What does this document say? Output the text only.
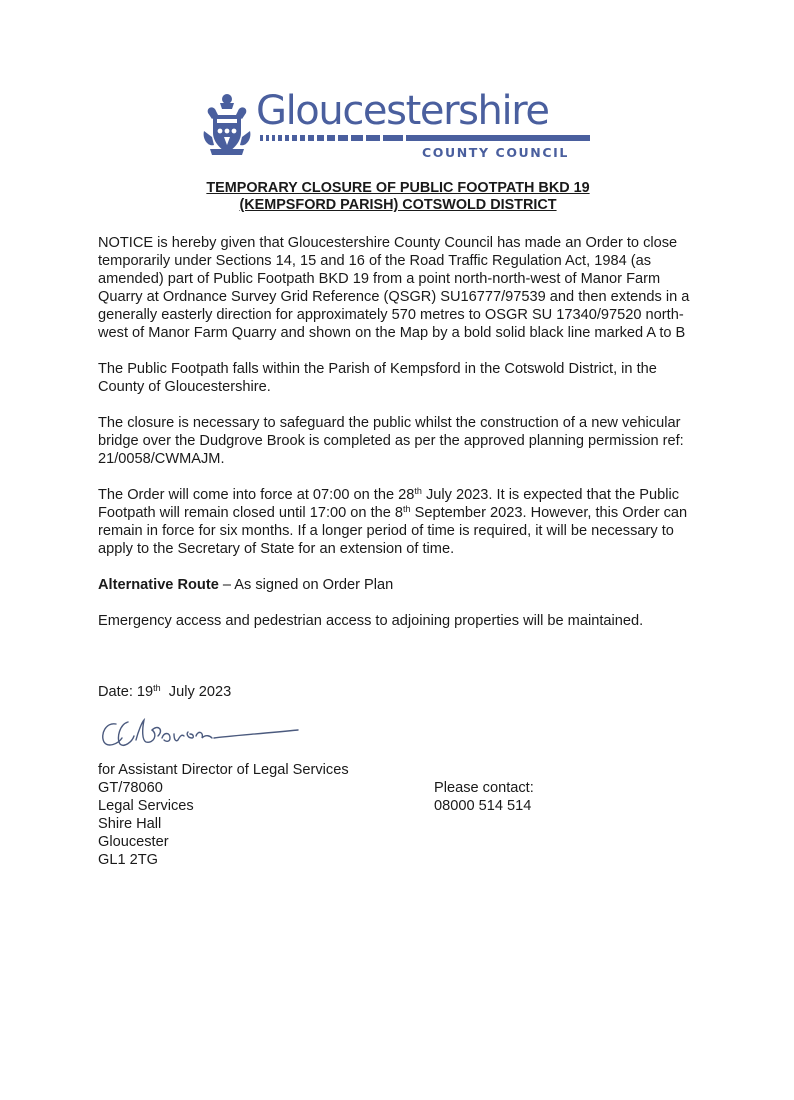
Gloucestershire
COUNTY COUNCIL
TEMPORARY CLOSURE OF PUBLIC FOOTPATH BKD 19
(KEMPSFORD PARISH) COTSWOLD DISTRICT

NOTICE is hereby given that Gloucestershire County Council has made an Order to close temporarily under Sections 14, 15 and 16 of the Road Traffic Regulation Act, 1984 (as amended) part of Public Footpath BKD 19 from a point north-north-west of Manor Farm Quarry at Ordnance Survey Grid Reference (QSGR) SU16777/97539 and then extends in a generally easterly direction for approximately 570 metres to OSGR SU 17340/97520 north-west of Manor Farm Quarry and shown on the Map by a bold solid black line marked A to B

The Public Footpath falls within the Parish of Kempsford in the Cotswold District, in the County of Gloucestershire.

The closure is necessary to safeguard the public whilst the construction of a new vehicular bridge over the Dudgrove Brook is completed as per the approved planning permission ref: 21/0058/CWMAJM.

The Order will come into force at 07:00 on the 28th July 2023. It is expected that the Public Footpath will remain closed until 17:00 on the 8th September 2023. However, this Order can remain in force for six months. If a longer period of time is required, it will be necessary to apply to the Secretary of State for an extension of time.

Alternative Route – As signed on Order Plan

Emergency access and pedestrian access to adjoining properties will be maintained.

Date: 19th  July 2023
for Assistant Director of Legal Services
GT/78060
Legal Services
Shire Hall
Gloucester
GL1 2TG
Please contact:
08000 514 514
